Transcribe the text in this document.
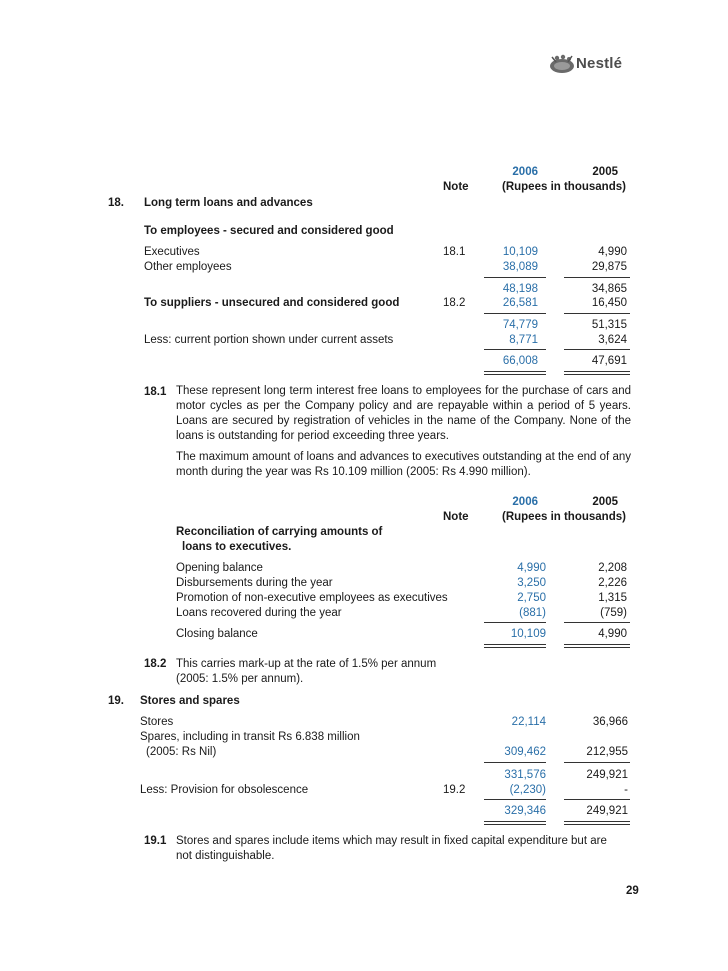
Nestlé
2006	2005
Note	(Rupees in thousands)
18. Long term loans and advances
To employees - secured and considered good
Executives	18.1	10,109	4,990
Other employees	38,089	29,875
48,198	34,865
To suppliers - unsecured and considered good	18.2	26,581	16,450
74,779	51,315
Less: current portion shown under current assets	8,771	3,624
66,008	47,691
18.1 These represent long term interest free loans to employees for the purchase of cars and motor cycles as per the Company policy and are repayable within a period of 5 years. Loans are secured by registration of vehicles in the name of the Company. None of the loans is outstanding for period exceeding three years.
The maximum amount of loans and advances to executives outstanding at the end of any month during the year was Rs 10.109 million (2005: Rs 4.990 million).
2006	2005
Note	(Rupees in thousands)
Reconciliation of carrying amounts of
loans to executives.
Opening balance	4,990	2,208
Disbursements during the year	3,250	2,226
Promotion of non-executive employees as executives	2,750	1,315
Loans recovered during the year	(881)	(759)
Closing balance	10,109	4,990
18.2 This carries mark-up at the rate of 1.5% per annum
(2005: 1.5% per annum).
19. Stores and spares
Stores	22,114	36,966
Spares, including in transit Rs 6.838 million
(2005: Rs Nil)	309,462	212,955
331,576	249,921
Less: Provision for obsolescence	19.2	(2,230)	-
329,346	249,921
19.1 Stores and spares include items which may result in fixed capital expenditure but are
not distinguishable.
29
